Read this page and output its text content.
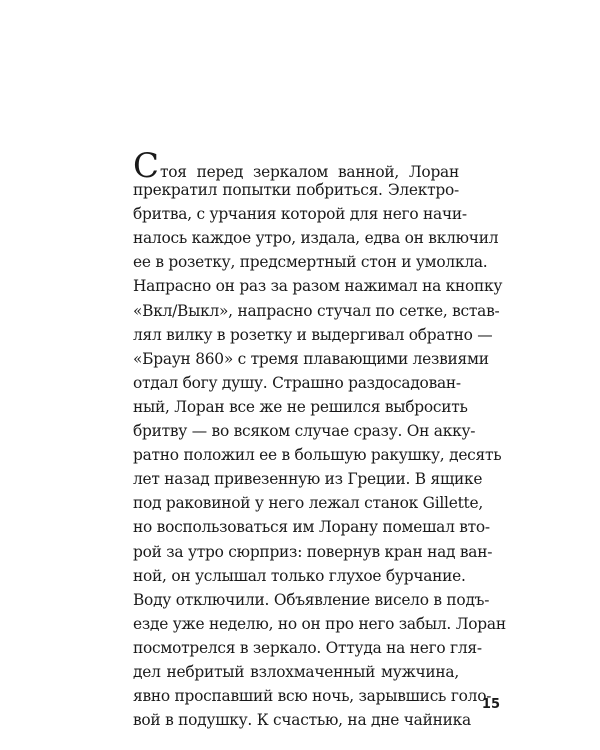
Стоя перед зеркалом ванной, Лоран
прекратил попытки побриться. Электро-
бритва, с урчания которой для него начи-
налось каждое утро, издала, едва он включил
ее в розетку, предсмертный стон и умолкла.
Напрасно он раз за разом нажимал на кнопку
«Вкл/Выкл», напрасно стучал по сетке, встав-
лял вилку в розетку и выдергивал обратно —
«Браун 860» с тремя плавающими лезвиями
отдал богу душу. Страшно раздосадован-
ный, Лоран все же не решился выбросить
бритву — во всяком случае сразу. Он акку-
ратно положил ее в большую ракушку, десять
лет назад привезенную из Греции. В ящике
под раковиной у него лежал станок Gillette,
но воспользоваться им Лорану помешал вто-
рой за утро сюрприз: повернув кран над ван-
ной, он услышал только глухое бурчание.
Воду отключили. Объявление висело в подъ-
езде уже неделю, но он про него забыл. Лоран
посмотрелся в зеркало. Оттуда на него гля-
дел небритый взлохмаченный мужчина,
явно проспавший всю ночь, зарывшись голо-
вой в подушку. К счастью, на дне чайника
15
